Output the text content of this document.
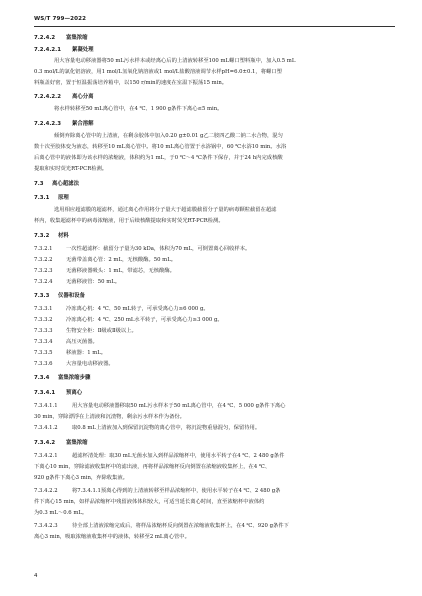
WS/T 799—2022
7.2.4.2 富集浓缩
7.2.4.2.1 絮凝处理
用大容量电动移液器将50 mL污水样本或经离心后的上清液转移至100 mL螺口塑料瓶中，加入0.5 mL
0.3 mol/L的氯化铝溶液，用1 mol/L氢氧化钠溶液或1 mol/L盐酸溶液调节水样pH=6.0±0.1，将螺口塑
料瓶盖好密，置于恒温振荡培养箱中，以150 r/min的速度在室温下振荡15 min。
7.2.4.2.2 离心分离
将水样转移至50 mL离心管中，在4 ℃、1 900 g条件下离心≤5 min。
7.2.4.2.3 絮合溶解
倾倒弃除离心管中的上清液，在剩余胶体中加入0.20 g±0.01 g乙二胺四乙酸二钠二水合物，混匀
数十次至胶体变为液态，转移至10 mL离心管中。将10 mL离心管置于水浴锅中，60 ℃水浴10 min。水浴
后离心管中的液体即为该水样的浓缩液，体积约为1 mL，于0 ℃～4 ℃条件下保存，并于24 h内完成核酸
提取和实时荧光RT-PCR检测。
7.3 离心超滤法
7.3.1 原理
选用相应超滤膜的超滤杯，通过离心作用将分子量大于超滤膜截留分子量的病毒颗粒截留在超滤
杯内，收集超滤杯中的病毒浓缩液，用于后续核酸提取和实时荧光RT-PCR检测。
7.3.2 材料
7.3.2.1	一次性超滤杯：截留分子量为30 kDa，体积为70 mL，可倒置离心回收样本。
7.3.2.2	无菌带盖离心管：2 mL，无核酸酶。50 mL。
7.3.2.3	无菌移液器吸头：1 mL，带滤芯，无核酸酶。
7.3.2.4	无菌移液管：50 mL。
7.3.3 仪器和设备
7.3.3.1	冷冻离心机：4 ℃、50 mL转子，可承受离心力≥6 000 g。
7.3.3.2	冷冻离心机：4 ℃、250 mL水平转子，可承受离心力≥3 000 g。
7.3.3.3	生物安全柜：Ⅱ级或Ⅱ级以上。
7.3.3.4	高压灭菌器。
7.3.3.5	移液器：1 mL。
7.3.3.6	大容量电动移液器。
7.3.4 富集浓缩步骤
7.3.4.1 预离心
7.3.4.1.1	用大容量电动移液器移取50 mL污水样本于50 mL离心管中，在4 ℃、5 000 g条件下离心
30 min，穿除漂浮在上清液和沉渣物，剩余污水样本作为备份。
7.3.4.1.2	取0.8 mL上清液加入到保留沉淀物的离心管中，将沉淀物重悬混匀，保留待用。
7.3.4.2 富集浓缩
7.3.4.2.1	超滤杯清处理：取30 mL无菌水加入到样品浓缩杯中，使用水平转子在4 ℃、2 480 g条件
下离心10 min，穿除滤液收集杯中的滤出液，再将样品浓缩杯反向倒置在浓缩液收集杯上，在4 ℃、
920 g条件下离心3 min，弃除收集液。
7.3.4.2.2	将7.3.4.1.1预离心得到的上清液转移至样品浓缩杯中，使用水平转子在4 ℃、2 480 g条
件下离心15 min，如样品浓缩杯中残留液体体积较大，可适当延长离心时间，直至浓缩杯中液体约
为0.3 mL～0.6 mL。
7.3.4.2.3	待全部上清液浓缩完成后，将样品浓缩杯反向倒置在浓缩液收集杯上，在4 ℃、920 g条件下
离心3 min，吸取浓缩液收集杯中的液体，转移至2 mL离心管中。
4
